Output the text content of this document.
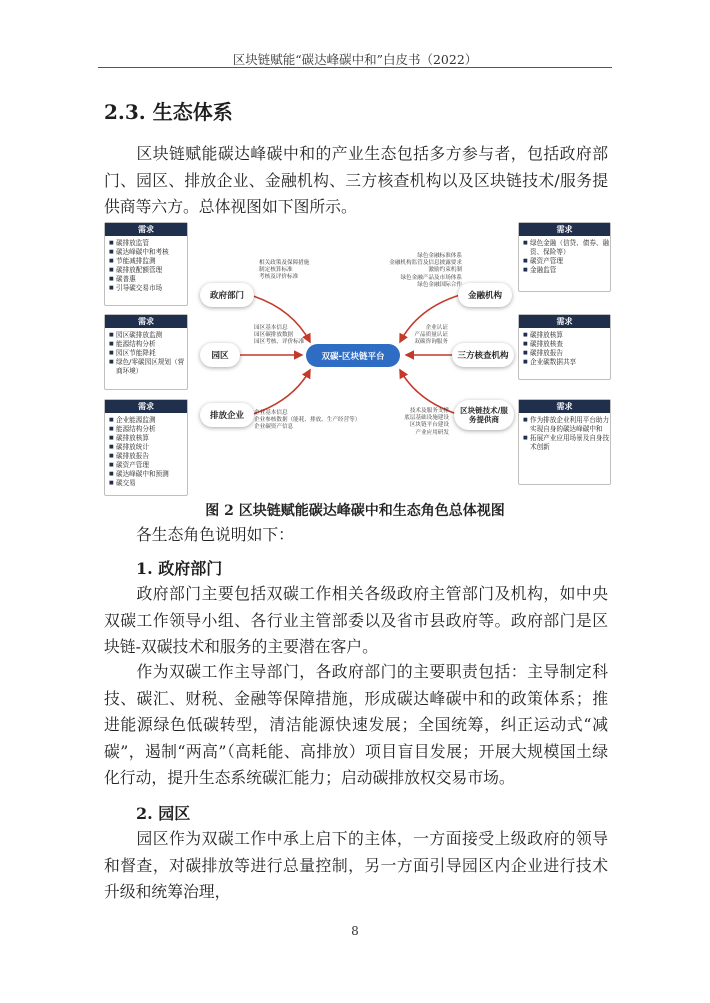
区块链赋能“碳达峰碳中和”白皮书（2022）
2.3. 生态体系
区块链赋能碳达峰碳中和的产业生态包括多方参与者，包括政府部门、园区、排放企业、金融机构、三方核查机构以及区块链技术/服务提供商等六方。总体视图如下图所示。
需求
■ 碳排放监管
■ 碳达峰碳中和考核
■ 节能减排监测
■ 碳排放配额管理
■ 碳普惠
■ 引导碳交易市场
需求
■ 园区碳排放监测
■ 能源结构分析
■ 园区节能降耗
■ 绿色/零碳园区规划（营商环境）
需求
■ 企业能源监测
■ 能源结构分析
■ 碳排放核算
■ 碳排放统计
■ 碳排放报告
■ 碳资产管理
■ 碳达峰碳中和预测
■ 碳交易
需求
■ 绿色金融（信贷、债券、融资、保险等）
■ 碳资产管理
■ 金融监管
需求
■ 碳排放核算
■ 碳排放核查
■ 碳排放报告
■ 企业碳数据共享
需求
■ 作为排放企业利用平台助力实现自身的碳达峰碳中和
■ 拓展产业应用场景及自身技术创新
政府部门
园区
排放企业
金融机构
三方核查机构
区块链技术/服务提供商
双碳-区块链平台
相关政策及保障措施
制定核算标准
考核及评价标准
园区基本信息
园区碳排放数据
园区考核、评价标准
企业基本信息
企业参核数据（能耗、排放、生产经营等）
企业碳资产信息
绿色金融标准体系
金融机构监管及信息披露要求
激励约束机制
绿色金融产品及市场体系
绿色金融国际合作
企业认证
产品质量认证
双碳咨询服务
技术及服务支撑
底层基础设施建设
区块链平台建设
产业应用研发
图 2 区块链赋能碳达峰碳中和生态角色总体视图
各生态角色说明如下：
1. 政府部门
政府部门主要包括双碳工作相关各级政府主管部门及机构，如中央双碳工作领导小组、各行业主管部委以及省市县政府等。政府部门是区块链-双碳技术和服务的主要潜在客户。
作为双碳工作主导部门，各政府部门的主要职责包括：主导制定科技、碳汇、财税、金融等保障措施，形成碳达峰碳中和的政策体系；推进能源绿色低碳转型，清洁能源快速发展；全国统筹，纠正运动式“减碳”，遏制“两高”（高耗能、高排放）项目盲目发展；开展大规模国土绿化行动，提升生态系统碳汇能力；启动碳排放权交易市场。
2. 园区
园区作为双碳工作中承上启下的主体，一方面接受上级政府的领导和督查，对碳排放等进行总量控制，另一方面引导园区内企业进行技术升级和统筹治理，
8
